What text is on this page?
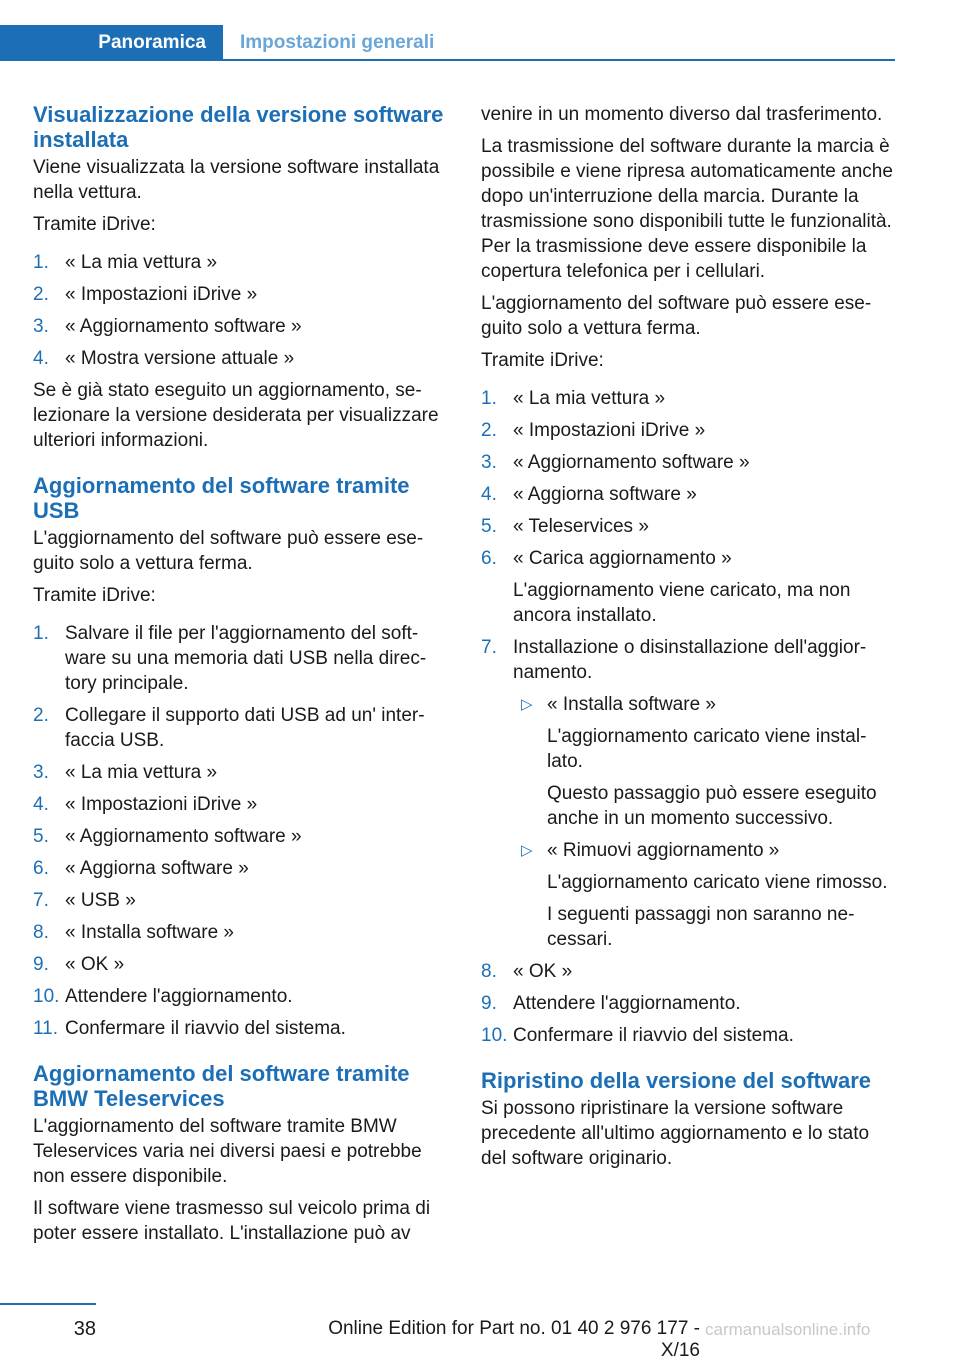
Panoramica	Impostazioni generali
Visualizzazione della versione software installata

Viene visualizzata la versione software installata nella vettura.

Tramite iDrive:

1. « La mia vettura »
2. « Impostazioni iDrive »
3. « Aggiornamento software »
4. « Mostra versione attuale »

Se è già stato eseguito un aggiornamento, selezionare la versione desiderata per visualizzare ulteriori informazioni.

Aggiornamento del software tramite USB

L'aggiornamento del software può essere eseguito solo a vettura ferma.

Tramite iDrive:

1. Salvare il file per l'aggiornamento del software su una memoria dati USB nella directory principale.
2. Collegare il supporto dati USB ad un' interfaccia USB.
3. « La mia vettura »
4. « Impostazioni iDrive »
5. « Aggiornamento software »
6. « Aggiorna software »
7. « USB »
8. « Installa software »
9. « OK »
10. Attendere l'aggiornamento.
11. Confermare il riavvio del sistema.
Aggiornamento del software tramite BMW Teleservices

L'aggiornamento del software tramite BMW Teleservices varia nei diversi paesi e potrebbe non essere disponibile.

Il software viene trasmesso sul veicolo prima di poter essere installato. L'installazione può av

venire in un momento diverso dal trasferimento.

La trasmissione del software durante la marcia è possibile e viene ripresa automaticamente anche dopo un'interruzione della marcia. Durante la trasmissione sono disponibili tutte le funzionalità. Per la trasmissione deve essere disponibile la copertura telefonica per i cellulari.

L'aggiornamento del software può essere eseguito solo a vettura ferma.

Tramite iDrive:

1. « La mia vettura »
2. « Impostazioni iDrive »
3. « Aggiornamento software »
4. « Aggiorna software »
5. « Teleservices »
6. « Carica aggiornamento »
L'aggiornamento viene caricato, ma non ancora installato.
7. Installazione o disinstallazione dell'aggiornamento.
▷ « Installa software »
L'aggiornamento caricato viene installato.
Questo passaggio può essere eseguito anche in un momento successivo.
▷ « Rimuovi aggiornamento »
L'aggiornamento caricato viene rimosso.
I seguenti passaggi non saranno necessari.
8. « OK »
9. Attendere l'aggiornamento.
10. Confermare il riavvio del sistema.
Ripristino della versione del software

Si possono ripristinare la versione software precedente all'ultimo aggiornamento e lo stato del software originario.

38	Online Edition for Part no. 01 40 2 976 177 - X/16
carmanualsonline.info
